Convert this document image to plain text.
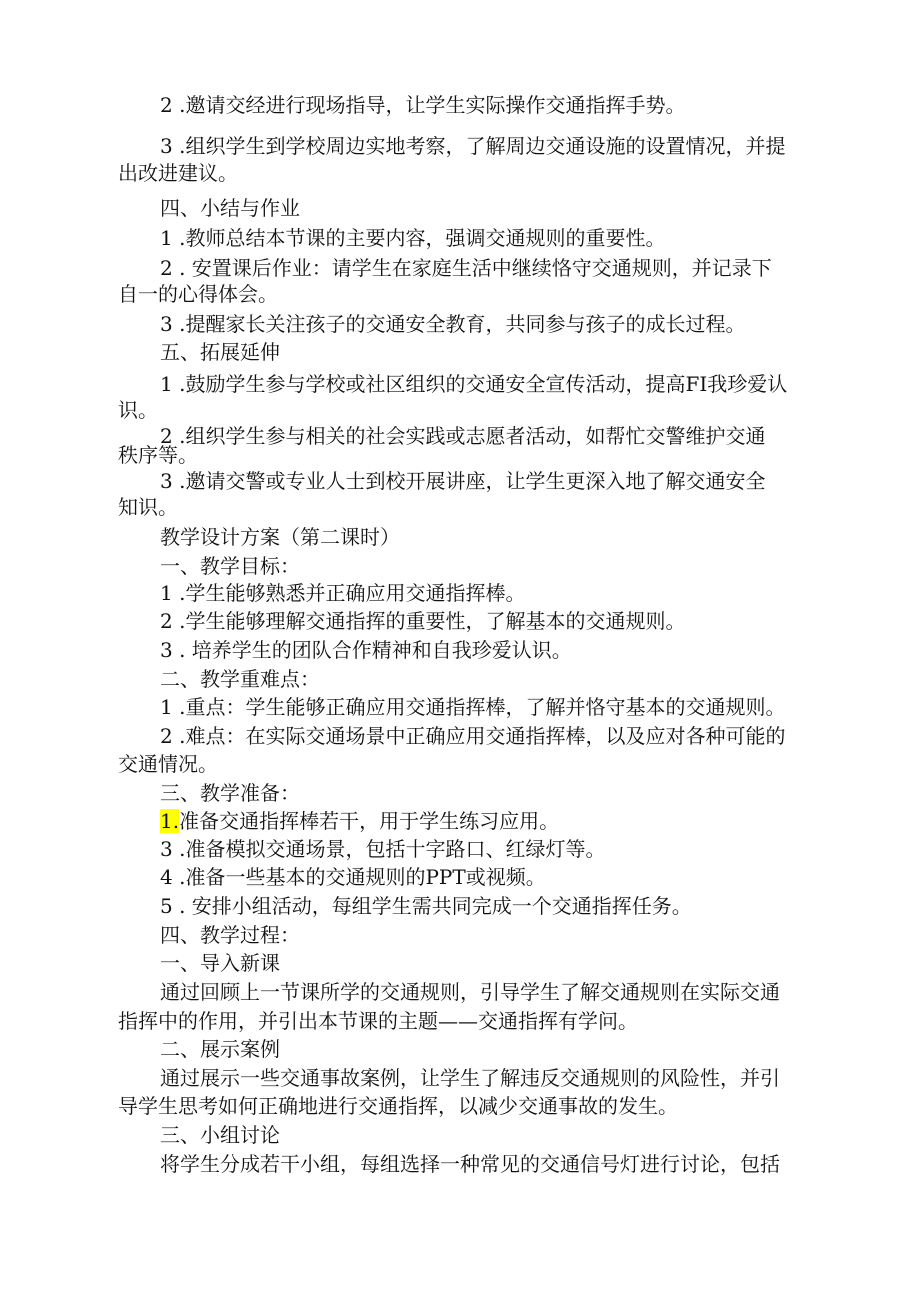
2 .邀请交经进行现场指导，让学生实际操作交通指挥手势。
3 .组织学生到学校周边实地考察，了解周边交通设施的设置情况，并提
出改进建议。
四、小结与作业
1 .教师总结本节课的主要内容，强调交通规则的重要性。
2 . 安置课后作业：请学生在家庭生活中继续恪守交通规则，并记录下
自一的心得体会。
3 .提醒家长关注孩子的交通安全教育，共同参与孩子的成长过程。
五、拓展延伸
1 .鼓励学生参与学校或社区组织的交通安全宣传活动，提高FI我珍爱认
识。
2 .组织学生参与相关的社会实践或志愿者活动，如帮忙交警维护交通
秩序等。
3 .邀请交警或专业人士到校开展讲座，让学生更深入地了解交通安全
知识。
教学设计方案（第二课时）
一、教学目标：
1 .学生能够熟悉并正确应用交通指挥棒。
2 .学生能够理解交通指挥的重要性，了解基本的交通规则。
3 . 培养学生的团队合作精神和自我珍爱认识。
二、教学重难点：
1 .重点：学生能够正确应用交通指挥棒，了解并恪守基本的交通规则。
2 .难点：在实际交通场景中正确应用交通指挥棒，以及应对各种可能的
交通情况。
三、教学准备：
1.准备交通指挥棒若干，用于学生练习应用。
3 .准备模拟交通场景，包括十字路口、红绿灯等。
4 .准备一些基本的交通规则的PPT或视频。
5 . 安排小组活动，每组学生需共同完成一个交通指挥任务。
四、教学过程：
一、导入新课
通过回顾上一节课所学的交通规则，引导学生了解交通规则在实际交通
指挥中的作用，并引出本节课的主题——交通指挥有学问。
二、展示案例
通过展示一些交通事故案例，让学生了解违反交通规则的风险性，并引
导学生思考如何正确地进行交通指挥，以减少交通事故的发生。
三、小组讨论
将学生分成若干小组，每组选择一种常见的交通信号灯进行讨论，包括
